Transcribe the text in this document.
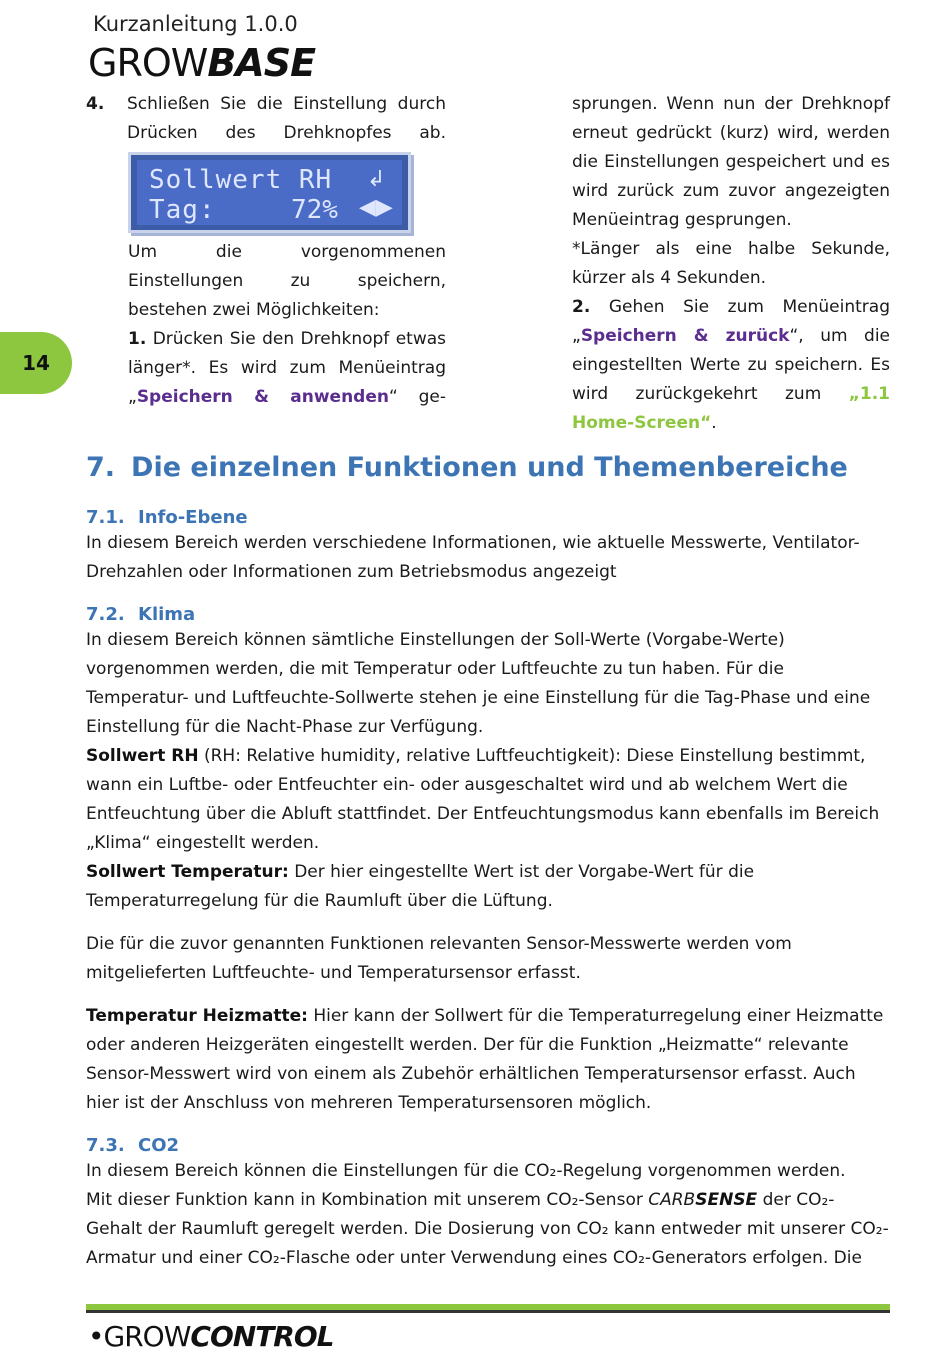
Kurzanleitung 1.0.0
GROWBASE
14
4.	Schließen Sie die Einstellung durch Drücken des Drehknopfes ab.
Sollwert RH ↲
Tag:	72% ◀▶
Um die vorgenommenen Einstellungen zu speichern, bestehen zwei Möglichkeiten:
1. Drücken Sie den Drehknopf etwas länger*. Es wird zum Menüeintrag „Speichern & anwenden“ ge-
sprungen. Wenn nun der Drehknopf erneut gedrückt (kurz) wird, werden die Einstellungen gespeichert und es wird zurück zum zuvor angezeigten Menüeintrag gesprungen.
*Länger als eine halbe Sekunde, kürzer als 4 Sekunden.
2. Gehen Sie zum Menüeintrag „Speichern & zurück“, um die eingestellten Werte zu speichern. Es wird zurückgekehrt zum „1.1 Home-Screen“.
7. Die einzelnen Funktionen und Themenbereiche
7.1. Info-Ebene
In diesem Bereich werden verschiedene Informationen, wie aktuelle Messwerte, Ventilator-Drehzahlen oder Informationen zum Betriebsmodus angezeigt
7.2. Klima
In diesem Bereich können sämtliche Einstellungen der Soll-Werte (Vorgabe-Werte) vorgenommen werden, die mit Temperatur oder Luftfeuchte zu tun haben. Für die Temperatur- und Luftfeuchte-Sollwerte stehen je eine Einstellung für die Tag-Phase und eine Einstellung für die Nacht-Phase zur Verfügung.
Sollwert RH (RH: Relative humidity, relative Luftfeuchtigkeit): Diese Einstellung bestimmt, wann ein Luftbe- oder Entfeuchter ein- oder ausgeschaltet wird und ab welchem Wert die Entfeuchtung über die Abluft stattfindet. Der Entfeuchtungsmodus kann ebenfalls im Bereich „Klima“ eingestellt werden.
Sollwert Temperatur: Der hier eingestellte Wert ist der Vorgabe-Wert für die Temperaturregelung für die Raumluft über die Lüftung.
Die für die zuvor genannten Funktionen relevanten Sensor-Messwerte werden vom mitgelieferten Luftfeuchte- und Temperatursensor erfasst.
Temperatur Heizmatte: Hier kann der Sollwert für die Temperaturregelung einer Heizmatte oder anderen Heizgeräten eingestellt werden. Der für die Funktion „Heizmatte“ relevante Sensor-Messwert wird von einem als Zubehör erhältlichen Temperatursensor erfasst. Auch hier ist der Anschluss von mehreren Temperatursensoren möglich.
7.3. CO2
In diesem Bereich können die Einstellungen für die CO₂-Regelung vorgenommen werden.
Mit dieser Funktion kann in Kombination mit unserem CO₂-Sensor CARBSENSE der CO₂-Gehalt der Raumluft geregelt werden. Die Dosierung von CO₂ kann entweder mit unserer CO₂-Armatur und einer CO₂-Flasche oder unter Verwendung eines CO₂-Generators erfolgen. Die
•GROWCONTROL
